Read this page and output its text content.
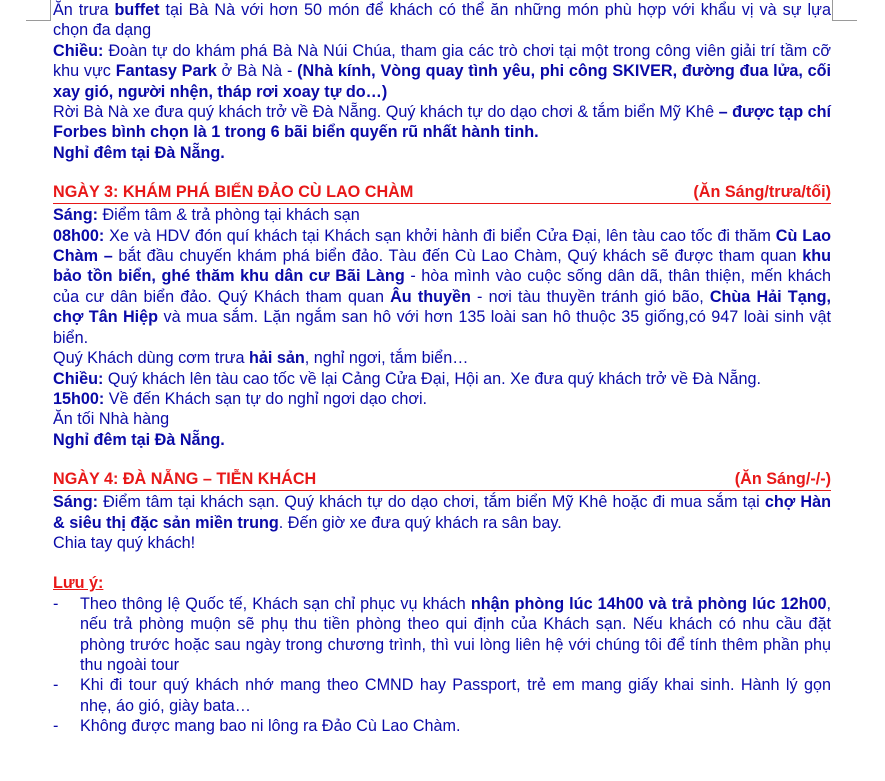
Ăn trưa buffet tại Bà Nà với hơn 50 món để khách có thể ăn những món phù hợp với khẩu vị và sự lựa chọn đa dạng

Chiều: Đoàn tự do khám phá Bà Nà Núi Chúa, tham gia các trò chơi tại một trong công viên giải trí tầm cỡ khu vực Fantasy Park ở Bà Nà - (Nhà kính, Vòng quay tình yêu, phi công SKIVER, đường đua lửa, cối xay gió, người nhện, tháp rơi xoay tự do…)

Rời Bà Nà xe đưa quý khách trở về Đà Nẵng. Quý khách tự do dạo chơi & tắm biển Mỹ Khê – được tạp chí Forbes bình chọn là 1 trong 6 bãi biển quyến rũ nhất hành tinh.

Nghỉ đêm tại Đà Nẵng.

NGÀY 3: KHÁM PHÁ BIỂN ĐẢO CÙ LAO CHÀM	(Ăn Sáng/trưa/tối)

Sáng: Điểm tâm & trả phòng tại khách sạn

08h00: Xe và HDV đón quí khách tại Khách sạn khởi hành đi biển Cửa Đại, lên tàu cao tốc đi thăm Cù Lao Chàm – bắt đầu chuyến khám phá biển đảo. Tàu đến Cù Lao Chàm, Quý khách sẽ được tham quan khu bảo tồn biển, ghé thăm khu dân cư Bãi Làng - hòa mình vào cuộc sống dân dã, thân thiện, mến khách của cư dân biển đảo. Quý Khách tham quan Âu thuyền - nơi tàu thuyền tránh gió bão, Chùa Hải Tạng, chợ Tân Hiệp và mua sắm. Lặn ngắm san hô với hơn 135 loài san hô thuộc 35 giống,có 947 loài sinh vật biển.

Quý Khách dùng cơm trưa hải sản, nghỉ ngơi, tắm biển…

Chiều: Quý khách lên tàu cao tốc về lại Cảng Cửa Đại, Hội an. Xe đưa quý khách trở về Đà Nẵng.

15h00: Về đến Khách sạn tự do nghỉ ngơi dạo chơi.

Ăn tối Nhà hàng

Nghỉ đêm tại Đà Nẵng.

NGÀY 4: ĐÀ NẴNG – TIỄN KHÁCH	(Ăn Sáng/-/-)

Sáng: Điểm tâm tại khách sạn. Quý khách tự do dạo chơi, tắm biển Mỹ Khê hoặc đi mua sắm tại chợ Hàn & siêu thị đặc sản miền trung. Đến giờ xe đưa quý khách ra sân bay.

Chia tay quý khách!

Lưu ý:

- Theo thông lệ Quốc tế, Khách sạn chỉ phục vụ khách nhận phòng lúc 14h00 và trả phòng lúc 12h00, nếu trả phòng muộn sẽ phụ thu tiền phòng theo qui định của Khách sạn. Nếu khách có nhu cầu đặt phòng trước hoặc sau ngày trong chương trình, thì vui lòng liên hệ với chúng tôi để tính thêm phần phụ thu ngoài tour
- Khi đi tour quý khách nhớ mang theo CMND hay Passport, trẻ em mang giấy khai sinh. Hành lý gọn nhẹ, áo gió, giày bata…
- Không được mang bao ni lông ra Đảo Cù Lao Chàm.
